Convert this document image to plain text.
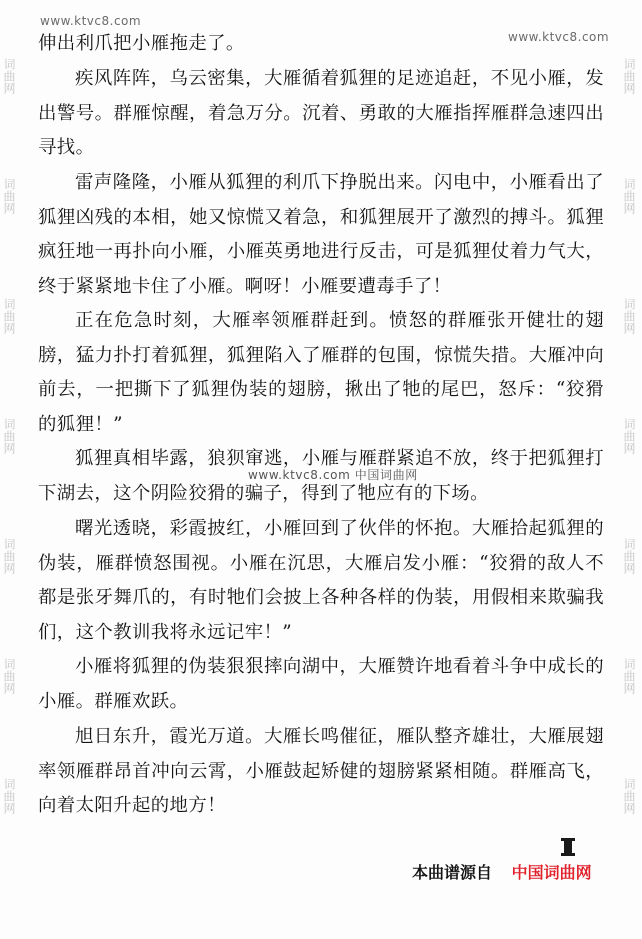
词曲网
词曲网
词曲网
词曲网
词曲网
词曲网
词曲网
词曲网
词曲网
词曲网
词曲网
词曲网
词曲网
词曲网
www.ktvc8.com
www.ktvc8.com

伸出利爪把小雁拖走了。

疾风阵阵，乌云密集，大雁循着狐狸的足迹追赶，不见小雁，发出警号。群雁惊醒，着急万分。沉着、勇敢的大雁指挥雁群急速四出寻找。

雷声隆隆，小雁从狐狸的利爪下挣脱出来。闪电中，小雁看出了狐狸凶残的本相，她又惊慌又着急，和狐狸展开了激烈的搏斗。狐狸疯狂地一再扑向小雁，小雁英勇地进行反击，可是狐狸仗着力气大，终于紧紧地卡住了小雁。啊呀！小雁要遭毒手了！

正在危急时刻，大雁率领雁群赶到。愤怒的群雁张开健壮的翅膀，猛力扑打着狐狸，狐狸陷入了雁群的包围，惊慌失措。大雁冲向前去，一把撕下了狐狸伪装的翅膀，揪出了牠的尾巴，怒斥：“狡猾的狐狸！”

狐狸真相毕露，狼狈窜逃，小雁与雁群紧追不放，终于把狐狸打下湖去，这个阴险狡猾的骗子，得到了牠应有的下场。

www.ktvc8.com 中国词曲网

曙光透晓，彩霞披红，小雁回到了伙伴的怀抱。大雁拾起狐狸的伪装，雁群愤怒围视。小雁在沉思，大雁启发小雁：“狡猾的敌人不都是张牙舞爪的，有时牠们会披上各种各样的伪装，用假相来欺骗我们，这个教训我将永远记牢！”

小雁将狐狸的伪装狠狠摔向湖中，大雁赞许地看着斗争中成长的小雁。群雁欢跃。

旭日东升，霞光万道。大雁长鸣催征，雁队整齐雄壮，大雁展翅率领雁群昂首冲向云霄，小雁鼓起矫健的翅膀紧紧相随。群雁高飞，向着太阳升起的地方！

本曲谱源自 中国词曲网
